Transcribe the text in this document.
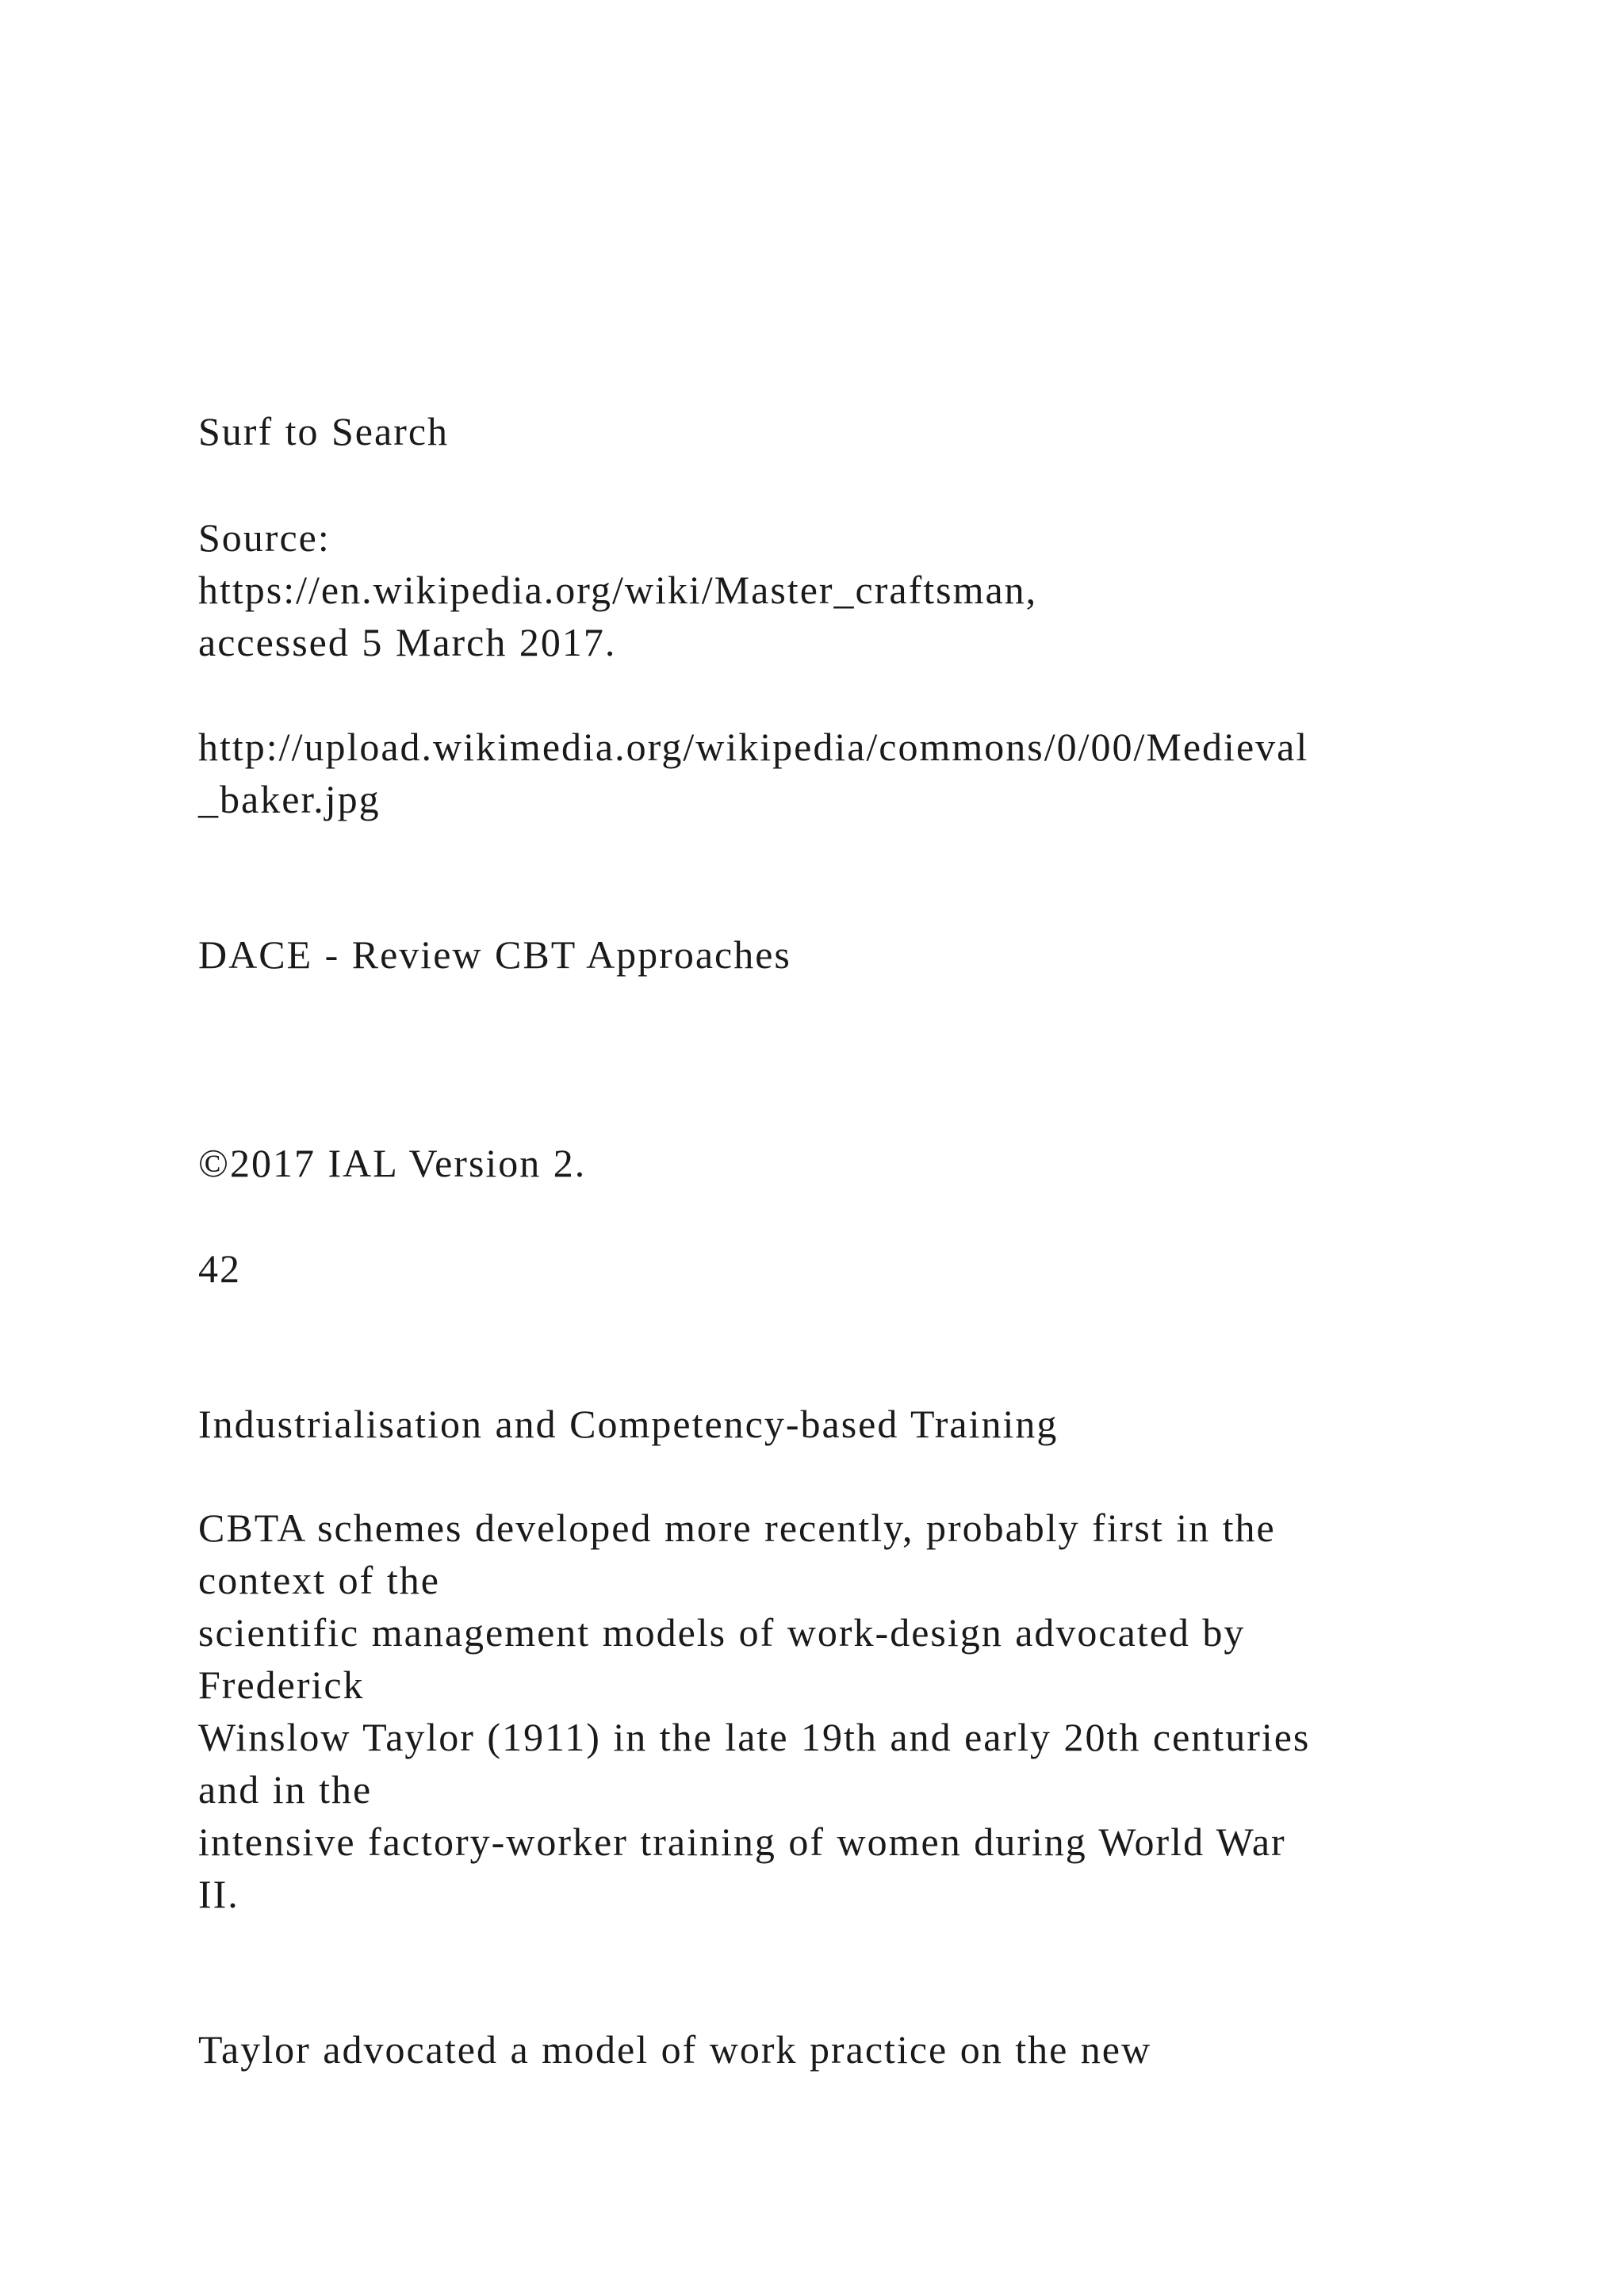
Surf to Search
Source:
https://en.wikipedia.org/wiki/Master_craftsman,
accessed 5 March 2017.
http://upload.wikimedia.org/wikipedia/commons/0/00/Medieval
_baker.jpg
DACE - Review CBT Approaches
©2017 IAL Version 2.
42
Industrialisation and Competency-based Training
CBTA schemes developed more recently, probably first in the
context of the
scientific management models of work-design advocated by
Frederick
Winslow Taylor (1911) in the late 19th and early 20th centuries
and in the
intensive factory-worker training of women during World War
II.
Taylor advocated a model of work practice on the new
